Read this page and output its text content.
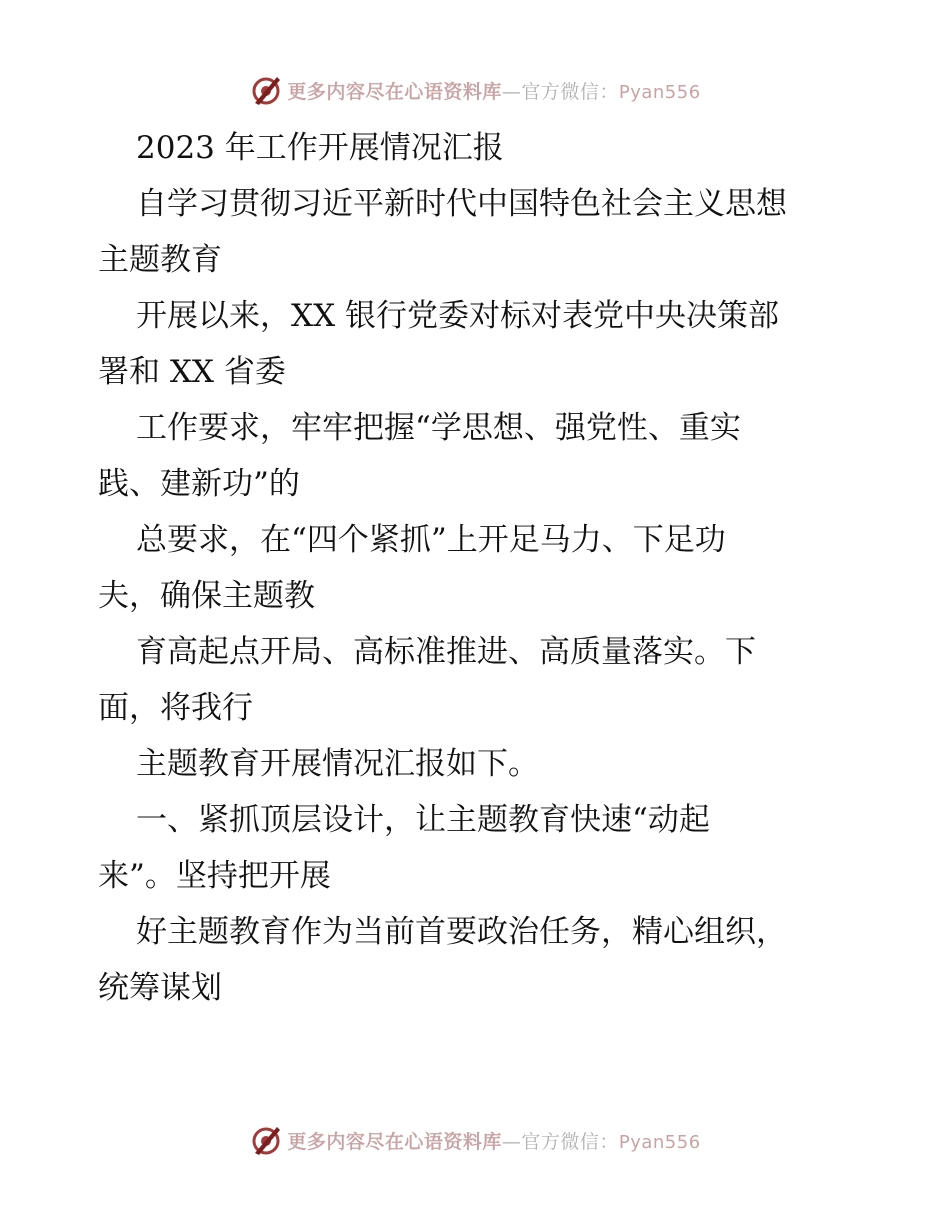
更多内容尽在心语资料库—官方微信：Pyan556
2023 年工作开展情况汇报
自学习贯彻习近平新时代中国特色社会主义思想
主题教育
开展以来，XX 银行党委对标对表党中央决策部
署和 XX 省委
工作要求，牢牢把握“学思想、强党性、重实
践、建新功”的
总要求，在“四个紧抓”上开足马力、下足功
夫，确保主题教
育高起点开局、高标准推进、高质量落实。下
面，将我行
主题教育开展情况汇报如下。
一、紧抓顶层设计，让主题教育快速“动起
来”。坚持把开展
好主题教育作为当前首要政治任务，精心组织，
统筹谋划
更多内容尽在心语资料库—官方微信：Pyan556
